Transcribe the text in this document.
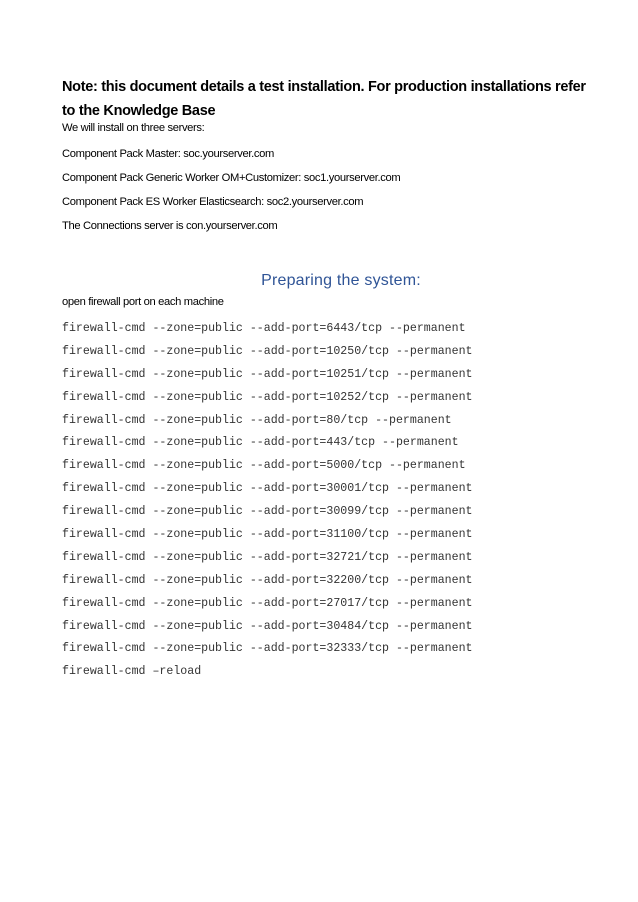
Note: this document details a test installation. For production installations refer to the Knowledge Base
We will install on three servers:
Component Pack Master: soc.yourserver.com
Component Pack Generic Worker OM+Customizer: soc1.yourserver.com
Component Pack ES Worker Elasticsearch: soc2.yourserver.com
The Connections server is con.yourserver.com
Preparing the system:
open firewall port on each machine
firewall-cmd --zone=public --add-port=6443/tcp --permanent
firewall-cmd --zone=public --add-port=10250/tcp --permanent
firewall-cmd --zone=public --add-port=10251/tcp --permanent
firewall-cmd --zone=public --add-port=10252/tcp --permanent
firewall-cmd --zone=public --add-port=80/tcp --permanent
firewall-cmd --zone=public --add-port=443/tcp --permanent
firewall-cmd --zone=public --add-port=5000/tcp --permanent
firewall-cmd --zone=public --add-port=30001/tcp --permanent
firewall-cmd --zone=public --add-port=30099/tcp --permanent
firewall-cmd --zone=public --add-port=31100/tcp --permanent
firewall-cmd --zone=public --add-port=32721/tcp --permanent
firewall-cmd --zone=public --add-port=32200/tcp --permanent
firewall-cmd --zone=public --add-port=27017/tcp --permanent
firewall-cmd --zone=public --add-port=30484/tcp --permanent
firewall-cmd --zone=public --add-port=32333/tcp --permanent
firewall-cmd –reload
